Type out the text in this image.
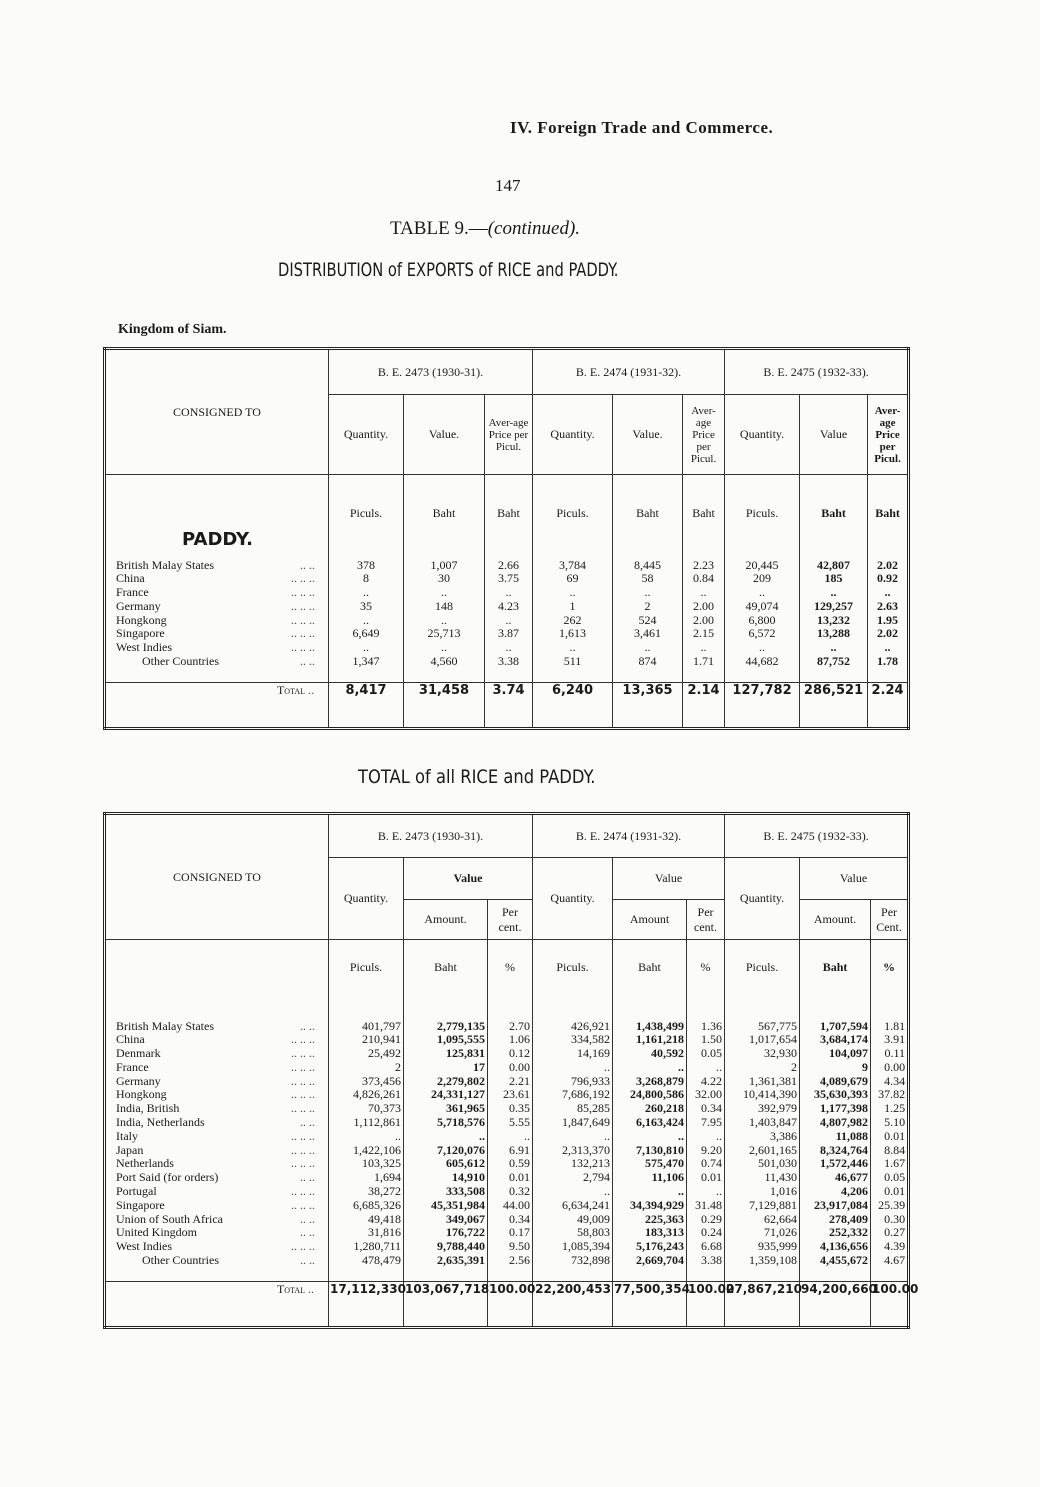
IV. Foreign Trade and Commerce.
147
TABLE 9.—(continued).
DISTRIBUTION of EXPORTS of RICE and PADDY.
Kingdom of Siam.
CONSIGNED TO	B. E. 2473 (1930-31).			B. E. 2474 (1931-32).			B. E. 2475 (1932-33).		
	Quantity.	Value.	Aver-age Price per Picul.	Quantity.	Value.	Aver-age Price per Picul.	Quantity.	Value	Aver-age Price per Picul.
	Piculs.	Baht	Baht	Piculs.	Baht	Baht	Piculs.	Baht	Baht
PADDY.									
British Malay States .. ..	378	1,007	2.66	3,784	8,445	2.23	20,445	42,807	2.02
China .. .. ..	8	30	3.75	69	58	0.84	209	185	0.92
France .. .. ..	..	..	..	..	..	..	..	..	..
Germany .. .. ..	35	148	4.23	1	2	2.00	49,074	129,257	2.63
Hongkong .. .. ..	..	..	..	262	524	2.00	6,800	13,232	1.95
Singapore .. .. ..	6,649	25,713	3.87	1,613	3,461	2.15	6,572	13,288	2.02
West Indies .. .. ..	..	..	..	..	..	..	..	..	..
Other Countries .. ..	1,347	4,560	3.38	511	874	1.71	44,682	87,752	1.78

Total ..	8,417	31,458	3.74	6,240	13,365	2.14	127,782	286,521	2.24
TOTAL of all RICE and PADDY.
CONSIGNED TO	B. E. 2473 (1930-31).			B. E. 2474 (1931-32).			B. E. 2475 (1932-33).		
	Quantity.	Value		Quantity.	Value		Quantity.	Value	
		Amount.	Per cent.		Amount	Per cent.		Amount.	Per Cent.
	Piculs.	Baht	%	Piculs.	Baht	%	Piculs.	Baht	%

British Malay States .. ..	401,797	2,779,135	2.70	426,921	1,438,499	1.36	567,775	1,707,594	1.81
China .. .. ..	210,941	1,095,555	1.06	334,582	1,161,218	1.50	1,017,654	3,684,174	3.91
Denmark .. .. ..	25,492	125,831	0.12	14,169	40,592	0.05	32,930	104,097	0.11
France .. .. ..	2	17	0.00	..	..	..	2	9	0.00
Germany .. .. ..	373,456	2,279,802	2.21	796,933	3,268,879	4.22	1,361,381	4,089,679	4.34
Hongkong .. .. ..	4,826,261	24,331,127	23.61	7,686,192	24,800,586	32.00	10,414,390	35,630,393	37.82
India, British .. .. ..	70,373	361,965	0.35	85,285	260,218	0.34	392,979	1,177,398	1.25
India, Netherlands .. ..	1,112,861	5,718,576	5.55	1,847,649	6,163,424	7.95	1,403,847	4,807,982	5.10
Italy .. .. ..	..	..	..	..	..	..	3,386	11,088	0.01
Japan .. .. ..	1,422,106	7,120,076	6.91	2,313,370	7,130,810	9.20	2,601,165	8,324,764	8.84
Netherlands .. .. ..	103,325	605,612	0.59	132,213	575,470	0.74	501,030	1,572,446	1.67
Port Said (for orders) .. ..	1,694	14,910	0.01	2,794	11,106	0.01	11,430	46,677	0.05
Portugal .. .. ..	38,272	333,508	0.32	..	..	..	1,016	4,206	0.01
Singapore .. .. ..	6,685,326	45,351,984	44.00	6,634,241	34,394,929	31.48	7,129,881	23,917,084	25.39
Union of South Africa .. ..	49,418	349,067	0.34	49,009	225,363	0.29	62,664	278,409	0.30
United Kingdom .. ..	31,816	176,722	0.17	58,803	183,313	0.24	71,026	252,332	0.27
West Indies .. .. ..	1,280,711	9,788,440	9.50	1,085,394	5,176,243	6.68	935,999	4,136,656	4.39
Other Countries .. ..	478,479	2,635,391	2.56	732,898	2,669,704	3.38	1,359,108	4,455,672	4.67

Total ..	17,112,330	103,067,718	100.00	22,200,453	77,500,354	100.00	27,867,210	94,200,660	100.00
